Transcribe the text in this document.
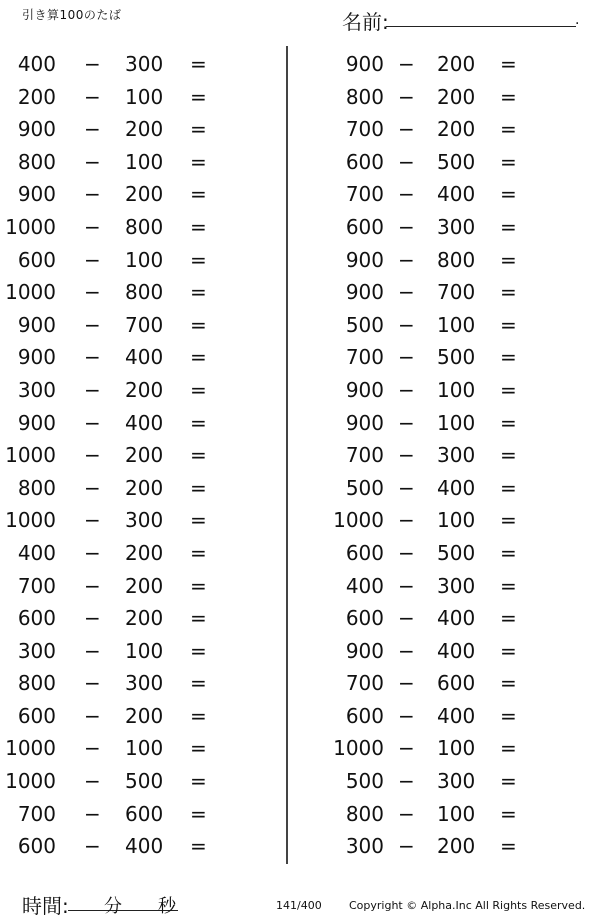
引き算100のたば	名前:	.
400 − 300 =
200 − 100 =
900 − 200 =
800 − 100 =
900 − 200 =
1000 − 800 =
600 − 100 =
1000 − 800 =
900 − 700 =
900 − 400 =
300 − 200 =
900 − 400 =
1000 − 200 =
800 − 200 =
1000 − 300 =
400 − 200 =
700 − 200 =
600 − 200 =
300 − 100 =
800 − 300 =
600 − 200 =
1000 − 100 =
1000 − 500 =
700 − 600 =
600 − 400 =
900 − 200 =
800 − 200 =
700 − 200 =
600 − 500 =
700 − 400 =
600 − 300 =
900 − 800 =
900 − 700 =
500 − 100 =
700 − 500 =
900 − 100 =
900 − 100 =
700 − 300 =
500 − 400 =
1000 − 100 =
600 − 500 =
400 − 300 =
600 − 400 =
900 − 400 =
700 − 600 =
600 − 400 =
1000 − 100 =
500 − 300 =
800 − 100 =
300 − 200 =
時間: 分 秒	141/400 Copyright © Alpha.Inc All Rights Reserved.
